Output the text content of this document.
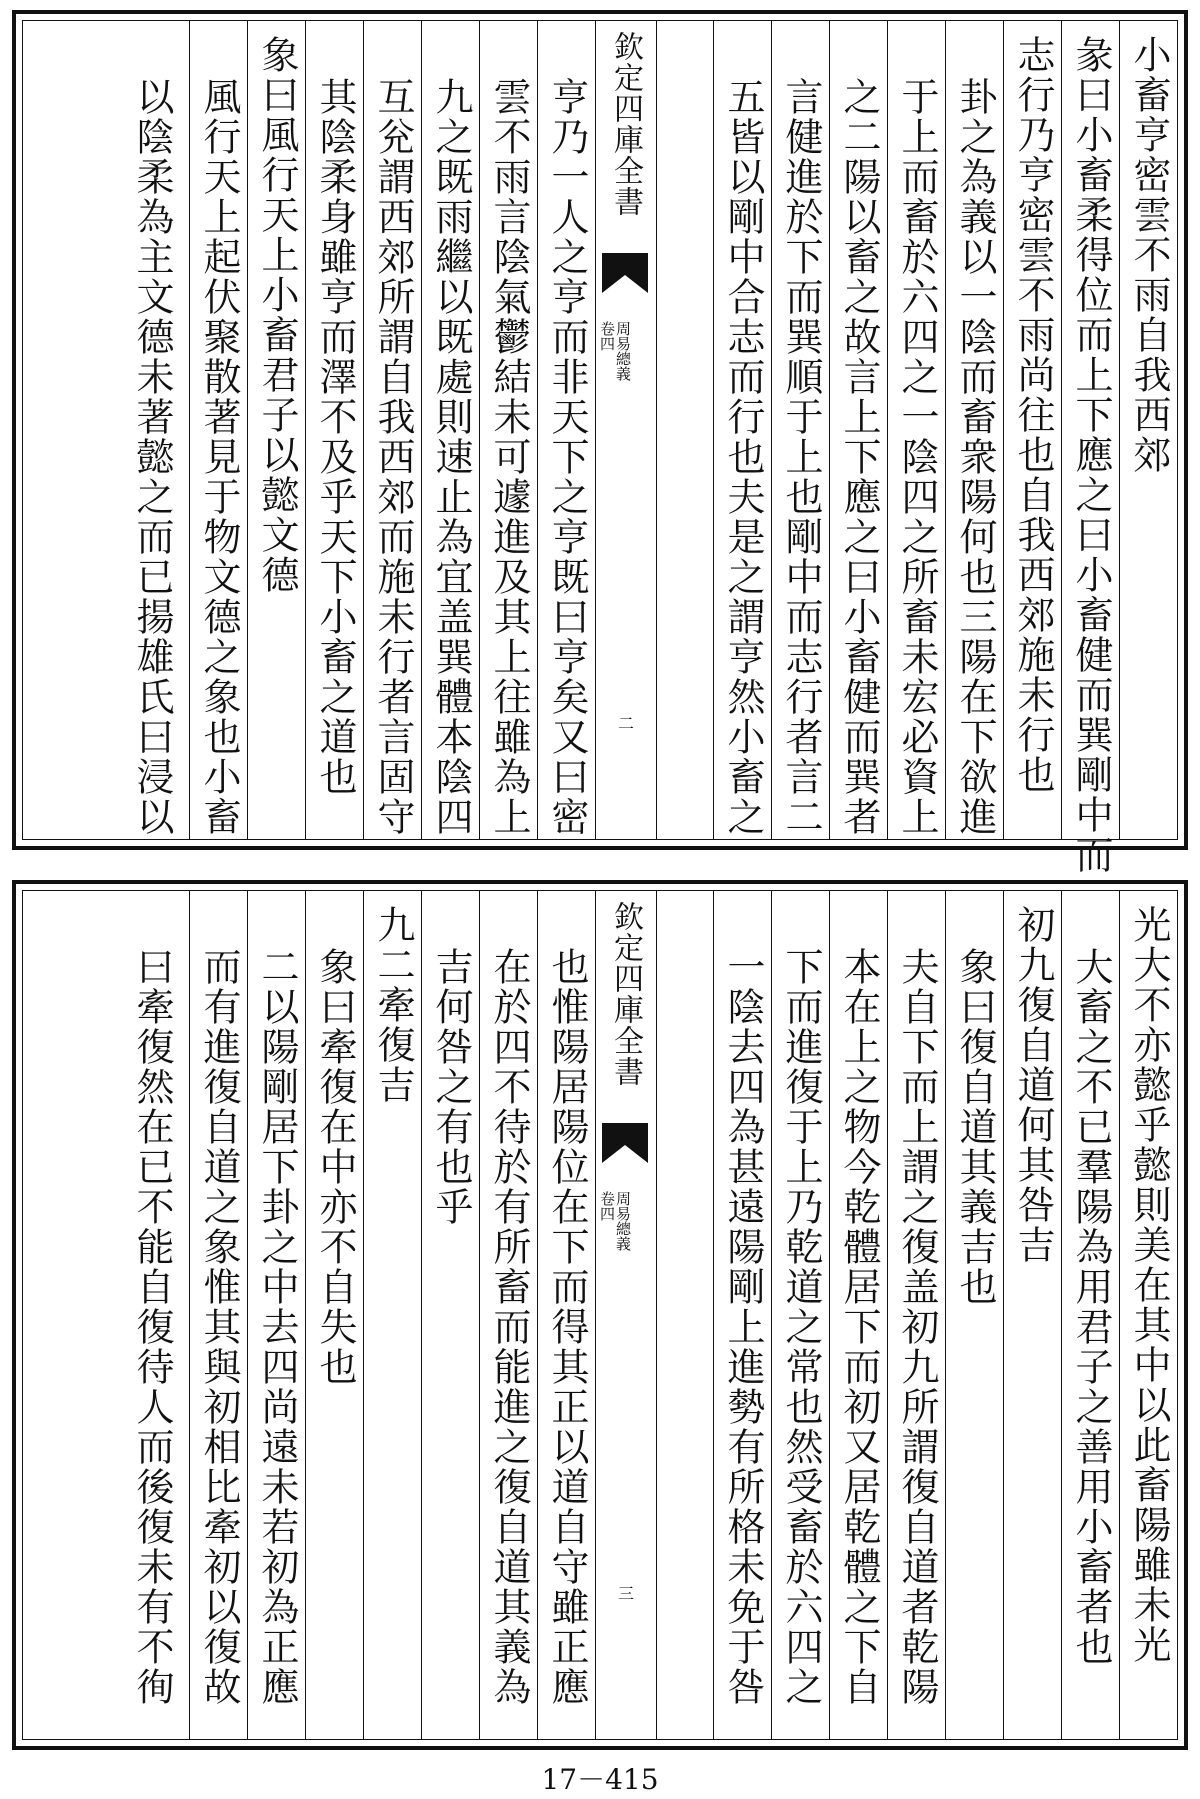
小畜亨密雲不雨自我西郊
彖曰小畜柔得位而上下應之曰小畜健而巽剛中而
志行乃亨密雲不雨尚往也自我西郊施未行也
卦之為義以一陰而畜衆陽何也三陽在下欲進
于上而畜於六四之一陰四之所畜未宏必資上
之二陽以畜之故言上下應之曰小畜健而巽者
言健進於下而巽順于上也剛中而志行者言二
五皆以剛中合志而行也夫是之謂亨然小畜之
欽定四庫全書
周易總義
卷四
二
亨乃一人之亨而非天下之亨既曰亨矣又曰密
雲不雨言陰氣鬱結未可遽進及其上往雖為上
九之既雨繼以既處則速止為宜盖巽體本陰四
互兊謂西郊所謂自我西郊而施未行者言固守
其陰柔身雖亨而澤不及乎天下小畜之道也
象曰風行天上小畜君子以懿文德
風行天上起伏聚散著見于物文德之象也小畜
以陰柔為主文德未著懿之而已揚雄氏曰浸以
光大不亦懿乎懿則美在其中以此畜陽雖未光
大畜之不已羣陽為用君子之善用小畜者也
初九復自道何其咎吉
象曰復自道其義吉也
夫自下而上謂之復盖初九所謂復自道者乾陽
本在上之物今乾體居下而初又居乾體之下自
下而進復于上乃乾道之常也然受畜於六四之
一陰去四為甚遠陽剛上進勢有所格未免于咎
欽定四庫全書
周易總義
卷四
三
也惟陽居陽位在下而得其正以道自守雖正應
在於四不待於有所畜而能進之復自道其義為
吉何咎之有也乎
九二牽復吉
象曰牽復在中亦不自失也
二以陽剛居下卦之中去四尚遠未若初為正應
而有進復自道之象惟其與初相比牽初以復故
曰牽復然在已不能自復待人而後復未有不徇
17－415
